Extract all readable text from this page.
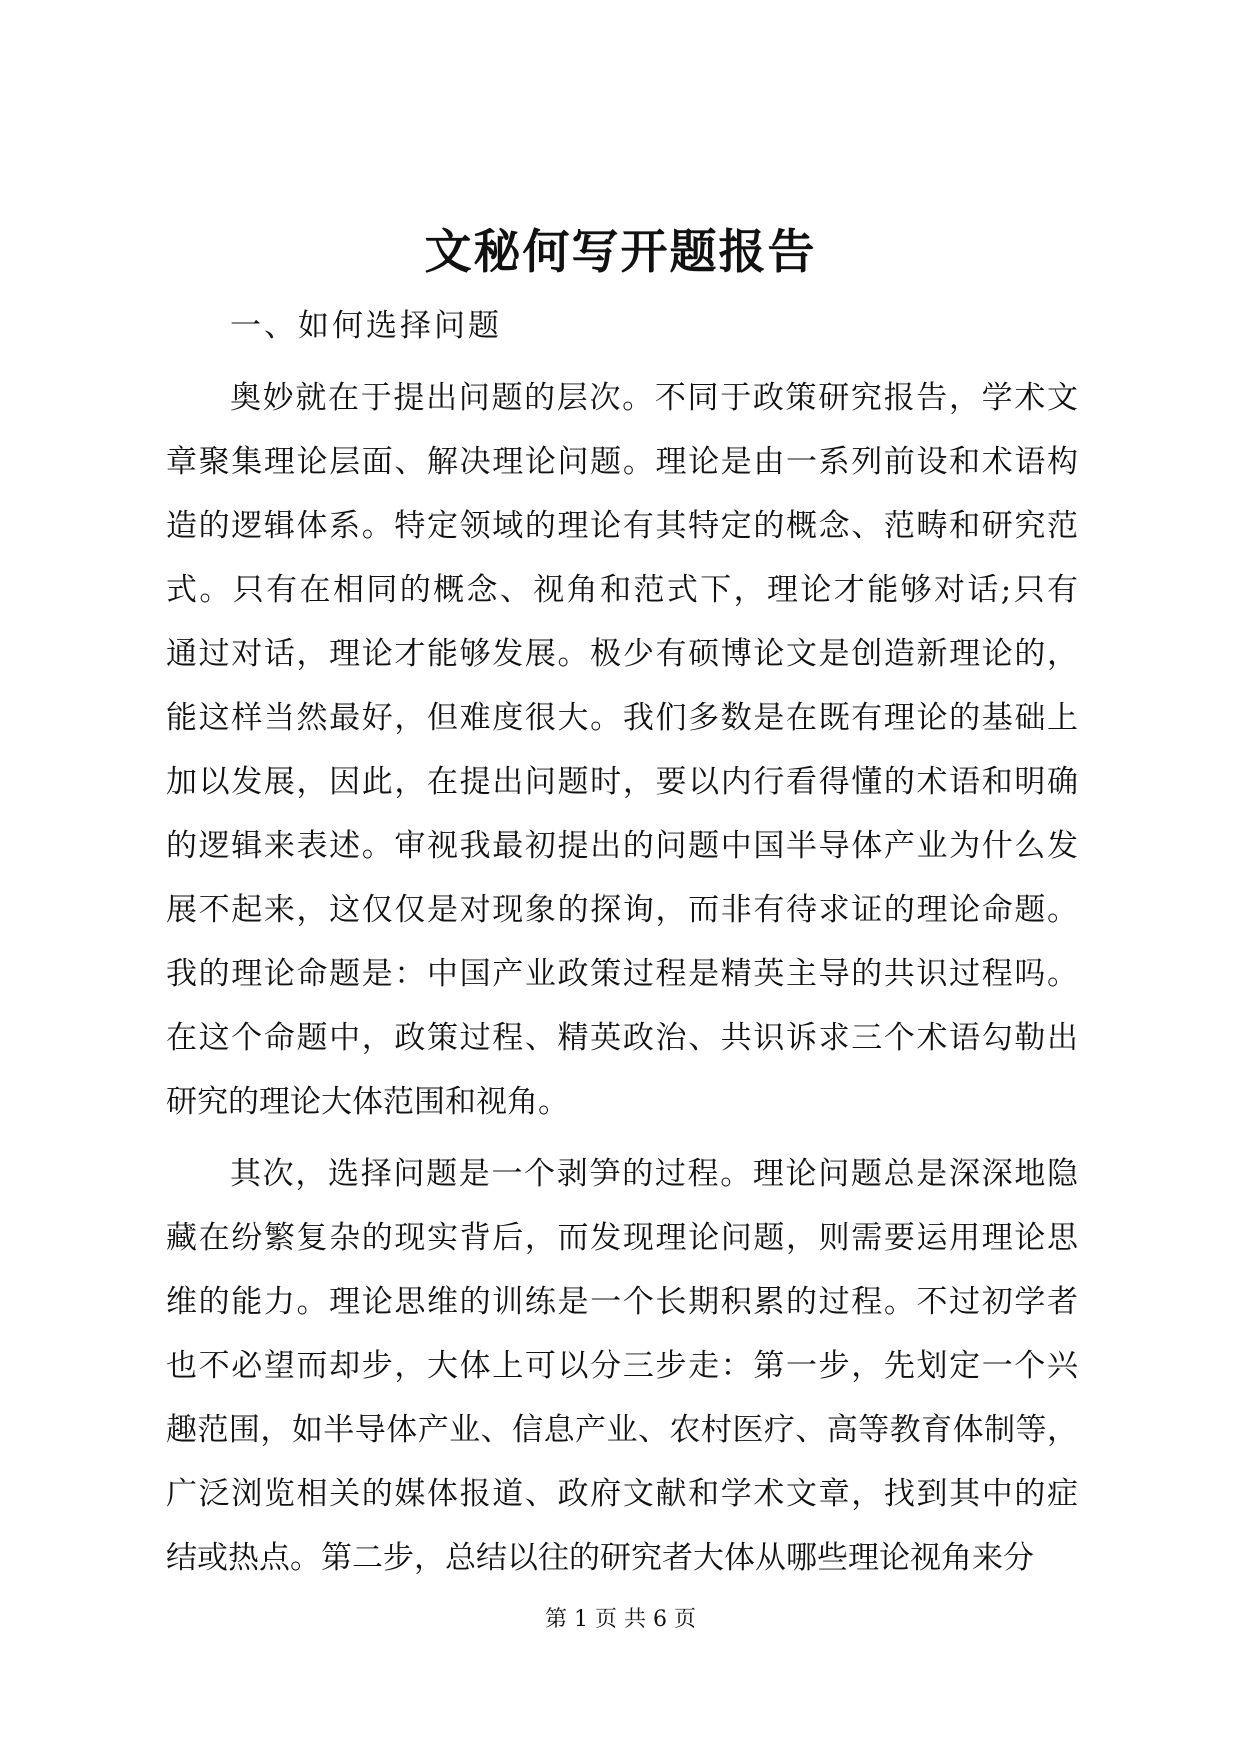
文秘何写开题报告
一、如何选择问题
奥妙就在于提出问题的层次。不同于政策研究报告，学术文
章聚集理论层面、解决理论问题。理论是由一系列前设和术语构
造的逻辑体系。特定领域的理论有其特定的概念、范畴和研究范
式。只有在相同的概念、视角和范式下，理论才能够对话;只有
通过对话，理论才能够发展。极少有硕博论文是创造新理论的，
能这样当然最好，但难度很大。我们多数是在既有理论的基础上
加以发展，因此，在提出问题时，要以内行看得懂的术语和明确
的逻辑来表述。审视我最初提出的问题中国半导体产业为什么发
展不起来，这仅仅是对现象的探询，而非有待求证的理论命题。
我的理论命题是：中国产业政策过程是精英主导的共识过程吗。
在这个命题中，政策过程、精英政治、共识诉求三个术语勾勒出
研究的理论大体范围和视角。
其次，选择问题是一个剥笋的过程。理论问题总是深深地隐
藏在纷繁复杂的现实背后，而发现理论问题，则需要运用理论思
维的能力。理论思维的训练是一个长期积累的过程。不过初学者
也不必望而却步，大体上可以分三步走：第一步，先划定一个兴
趣范围，如半导体产业、信息产业、农村医疗、高等教育体制等，
广泛浏览相关的媒体报道、政府文献和学术文章，找到其中的症
结或热点。第二步，总结以往的研究者大体从哪些理论视角来分
第 1 页 共 6 页
